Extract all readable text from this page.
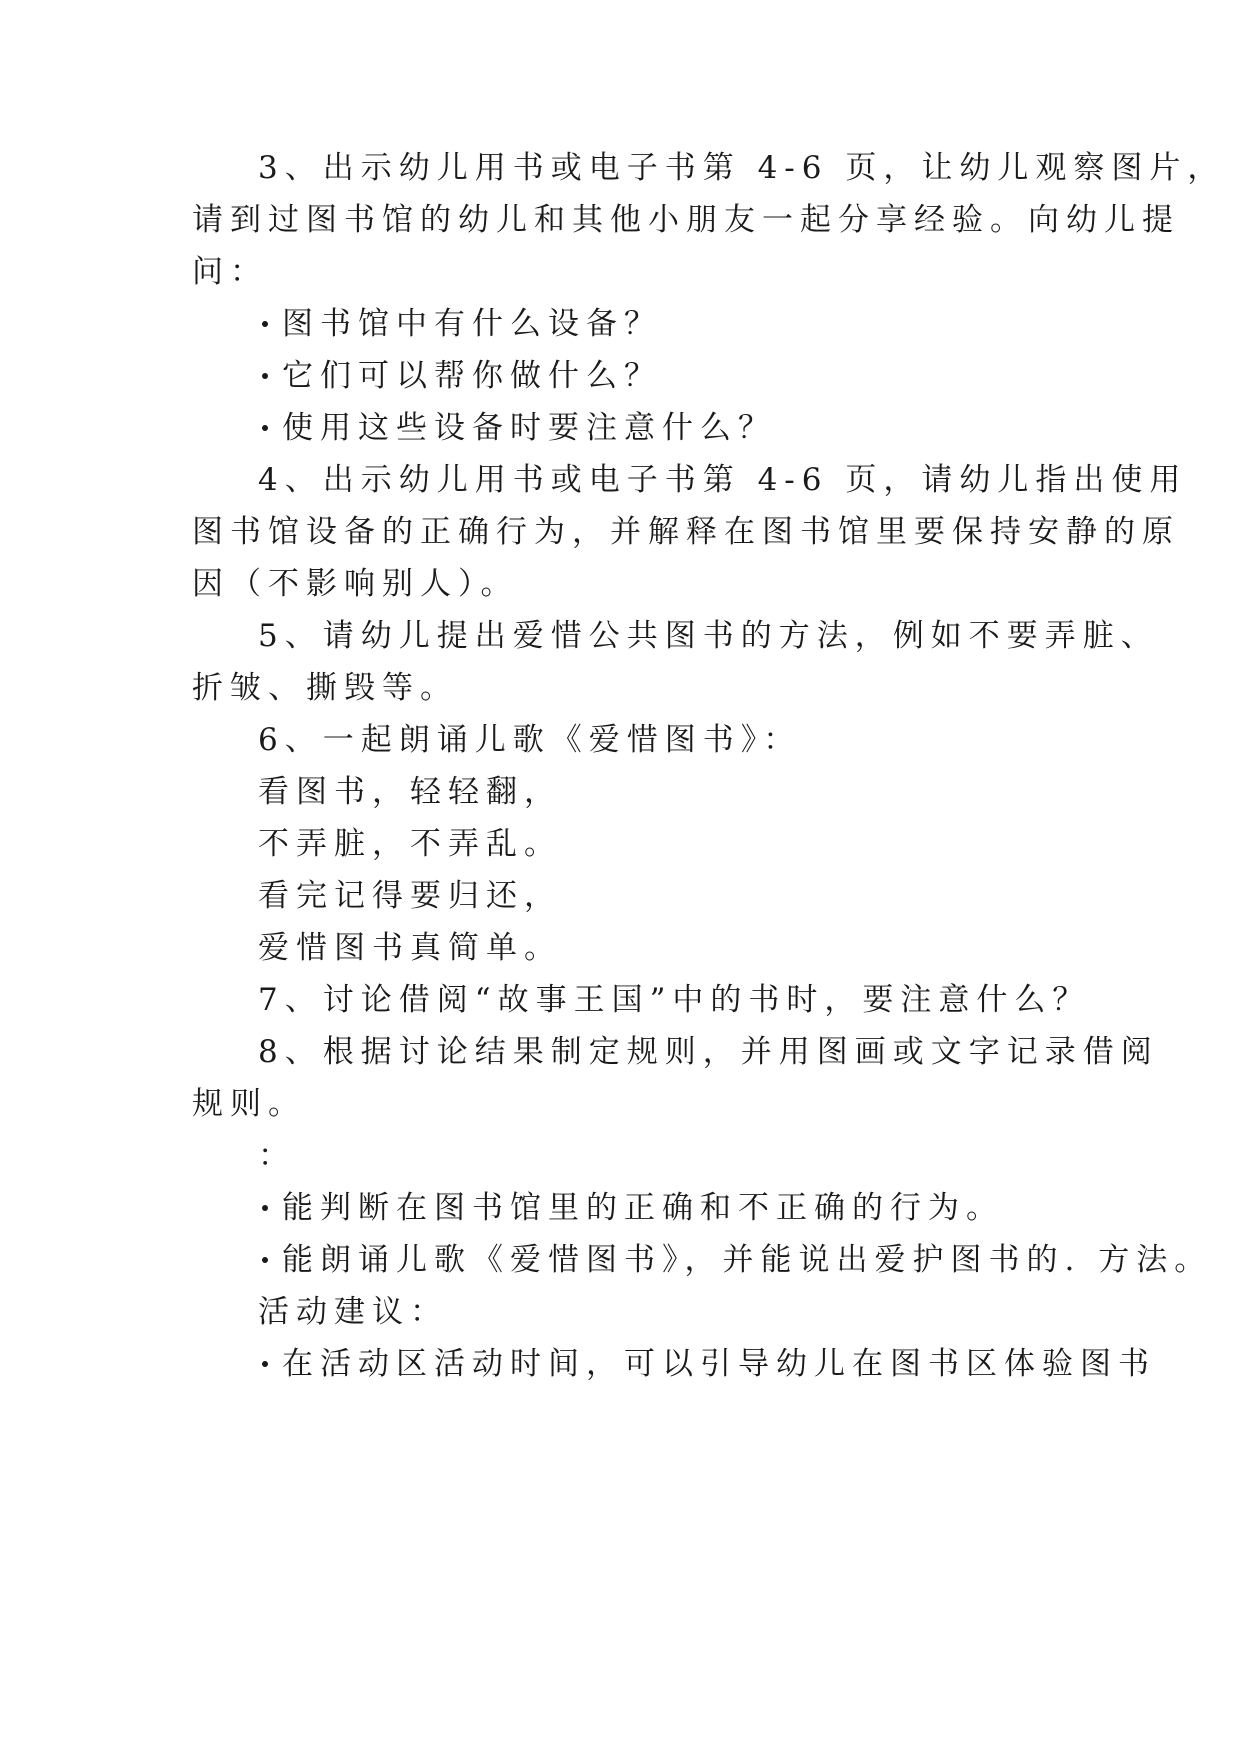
3、出示幼儿用书或电子书第 4-6 页，让幼儿观察图片，
请到过图书馆的幼儿和其他小朋友一起分享经验。向幼儿提
问：
图书馆中有什么设备？
它们可以帮你做什么？
使用这些设备时要注意什么？
4、出示幼儿用书或电子书第 4-6 页，请幼儿指出使用
图书馆设备的正确行为，并解释在图书馆里要保持安静的原
因（不影响别人）。
5、请幼儿提出爱惜公共图书的方法，例如不要弄脏、
折皱、撕毁等。
6、一起朗诵儿歌《爱惜图书》：
看图书，轻轻翻，
不弄脏，不弄乱。
看完记得要归还，
爱惜图书真简单。
7、讨论借阅“故事王国”中的书时，要注意什么？
8、根据讨论结果制定规则，并用图画或文字记录借阅
规则。
：
能判断在图书馆里的正确和不正确的行为。
能朗诵儿歌《爱惜图书》，并能说出爱护图书的. 方法。
活动建议：
在活动区活动时间，可以引导幼儿在图书区体验图书
